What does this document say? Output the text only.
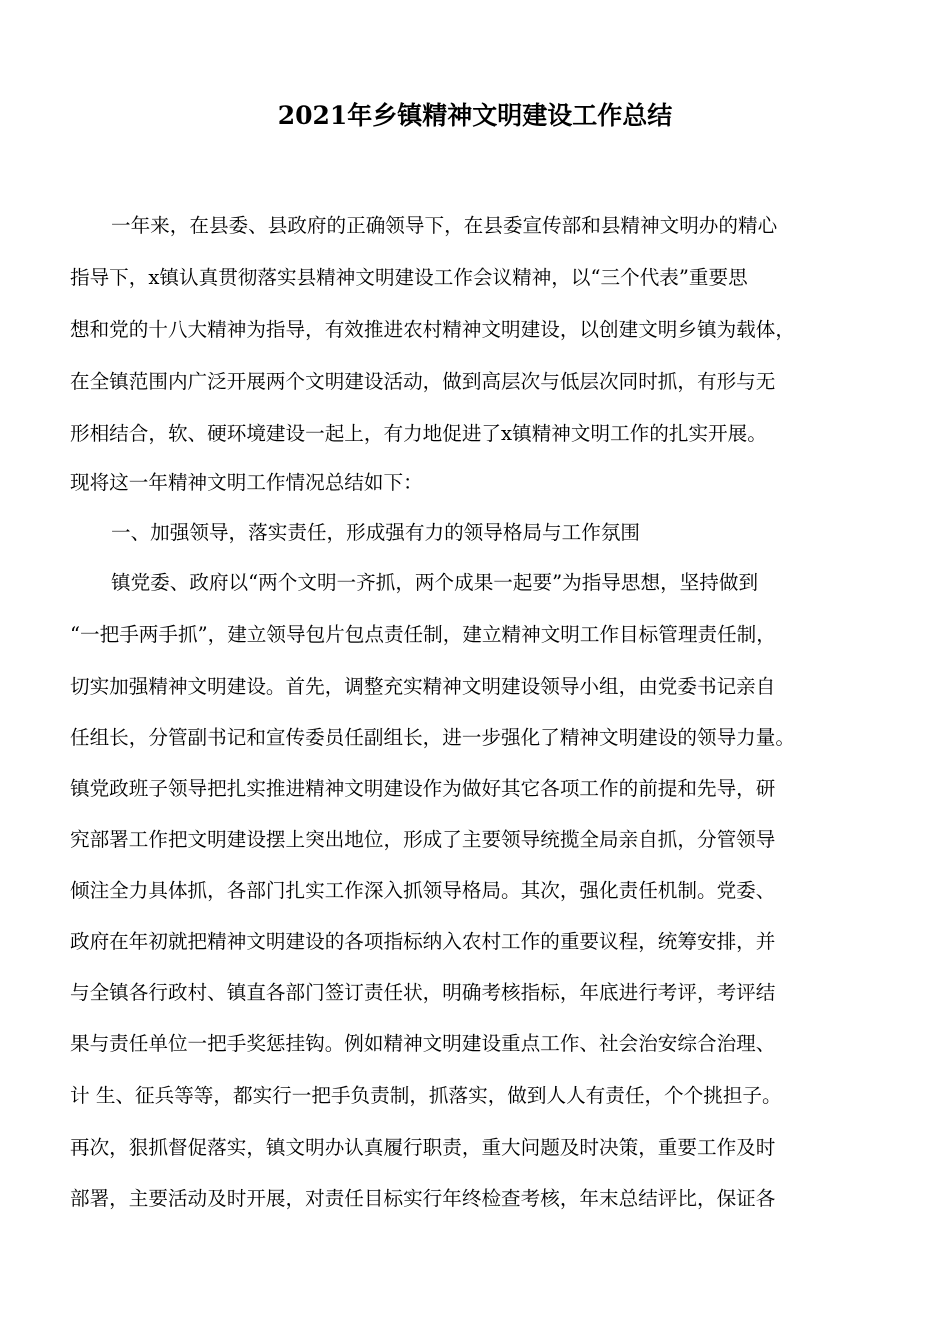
2021年乡镇精神文明建设工作总结
一年来，在县委、县政府的正确领导下，在县委宣传部和县精神文明办的精心
指导下，x镇认真贯彻落实县精神文明建设工作会议精神，以“三个代表”重要思
想和党的十八大精神为指导，有效推进农村精神文明建设，以创建文明乡镇为载体，
在全镇范围内广泛开展两个文明建设活动，做到高层次与低层次同时抓，有形与无
形相结合，软、硬环境建设一起上，有力地促进了x镇精神文明工作的扎实开展。
现将这一年精神文明工作情况总结如下：
一、加强领导，落实责任，形成强有力的领导格局与工作氛围
镇党委、政府以“两个文明一齐抓，两个成果一起要”为指导思想，坚持做到
“一把手两手抓”，建立领导包片包点责任制，建立精神文明工作目标管理责任制，
切实加强精神文明建设。首先，调整充实精神文明建设领导小组，由党委书记亲自
任组长，分管副书记和宣传委员任副组长，进一步强化了精神文明建设的领导力量。
镇党政班子领导把扎实推进精神文明建设作为做好其它各项工作的前提和先导，研
究部署工作把文明建设摆上突出地位，形成了主要领导统揽全局亲自抓，分管领导
倾注全力具体抓，各部门扎实工作深入抓领导格局。其次，强化责任机制。党委、
政府在年初就把精神文明建设的各项指标纳入农村工作的重要议程，统筹安排，并
与全镇各行政村、镇直各部门签订责任状，明确考核指标，年底进行考评，考评结
果与责任单位一把手奖惩挂钩。例如精神文明建设重点工作、社会治安综合治理、
计 生、征兵等等，都实行一把手负责制，抓落实，做到人人有责任，个个挑担子。
再次，狠抓督促落实，镇文明办认真履行职责，重大问题及时决策，重要工作及时
部署，主要活动及时开展，对责任目标实行年终检查考核，年末总结评比，保证各
